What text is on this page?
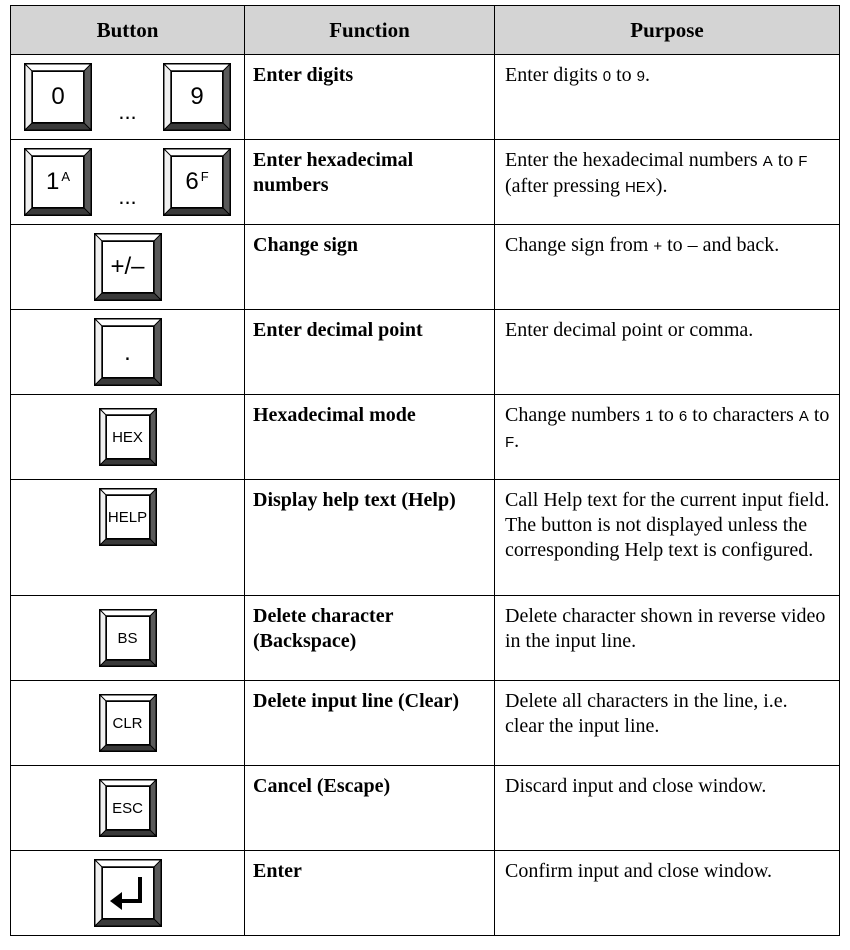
Button	Function	Purpose

0
...
9	Enter digits	Enter digits 0 to 9.

$1^A$
...
$6^F$	Enter hexadecimal numbers	Enter the hexadecimal numbers A to F (after pressing HEX).

+/–	Change sign	Change sign from + to – and back.

.	Enter decimal point	Enter decimal point or comma.

HEX	Hexadecimal mode	Change numbers 1 to 6 to characters A to F.

HELP	Display help text (Help)	Call Help text for the current input field. The button is not displayed unless the corresponding Help text is configured.

BS	Delete character (Backspace)	Delete character shown in reverse video in the input line.

CLR	Delete input line (Clear)	Delete all characters in the line, i.e. clear the input line.

ESC	Cancel (Escape)	Discard input and close window.

	Enter	Confirm input and close window.
